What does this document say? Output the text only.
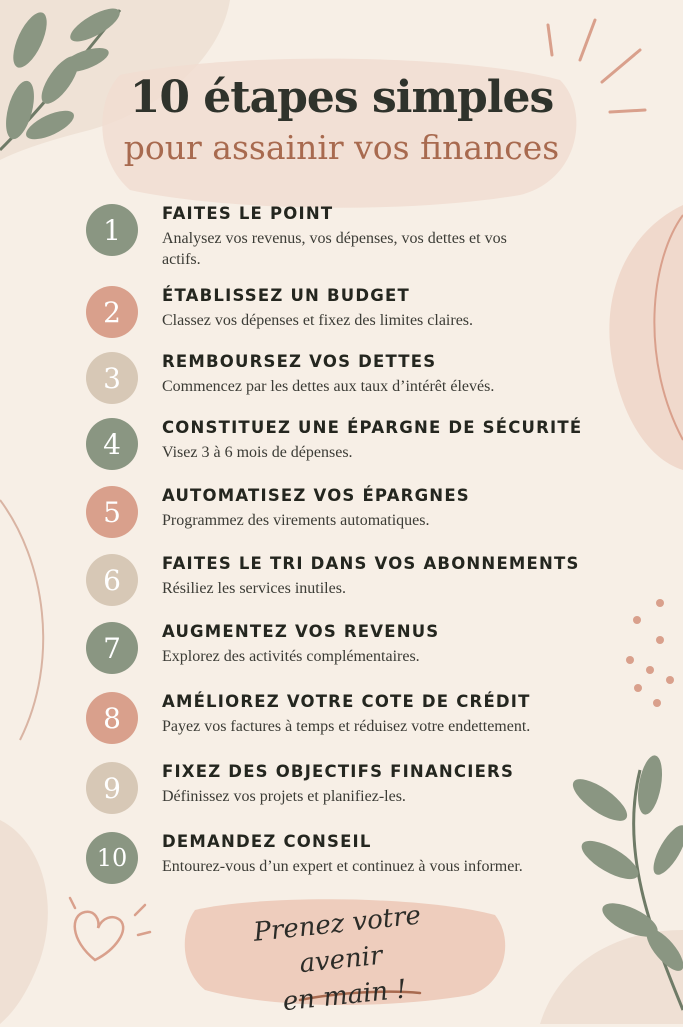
10 étapes simples
pour assainir vos finances
1	FAITES LE POINT
Analysez vos revenus, vos dépenses, vos dettes et vos actifs.
2	ÉTABLISSEZ UN BUDGET
Classez vos dépenses et fixez des limites claires.
3	REMBOURSEZ VOS DETTES
Commencez par les dettes aux taux d’intérêt élevés.
4	CONSTITUEZ UNE ÉPARGNE DE SÉCURITÉ
Visez 3 à 6 mois de dépenses.
5	AUTOMATISEZ VOS ÉPARGNES
Programmez des virements automatiques.
6	FAITES LE TRI DANS VOS ABONNEMENTS
Résiliez les services inutiles.
7	AUGMENTEZ VOS REVENUS
Explorez des activités complémentaires.
8	AMÉLIOREZ VOTRE COTE DE CRÉDIT
Payez vos factures à temps et réduisez votre endettement.
9	FIXEZ DES OBJECTIFS FINANCIERS
Définissez vos projets et planifiez-les.
10
DEMANDEZ CONSEIL
Entourez-vous d’un expert et continuez à vous informer.
Prenez votre avenir
en main !
